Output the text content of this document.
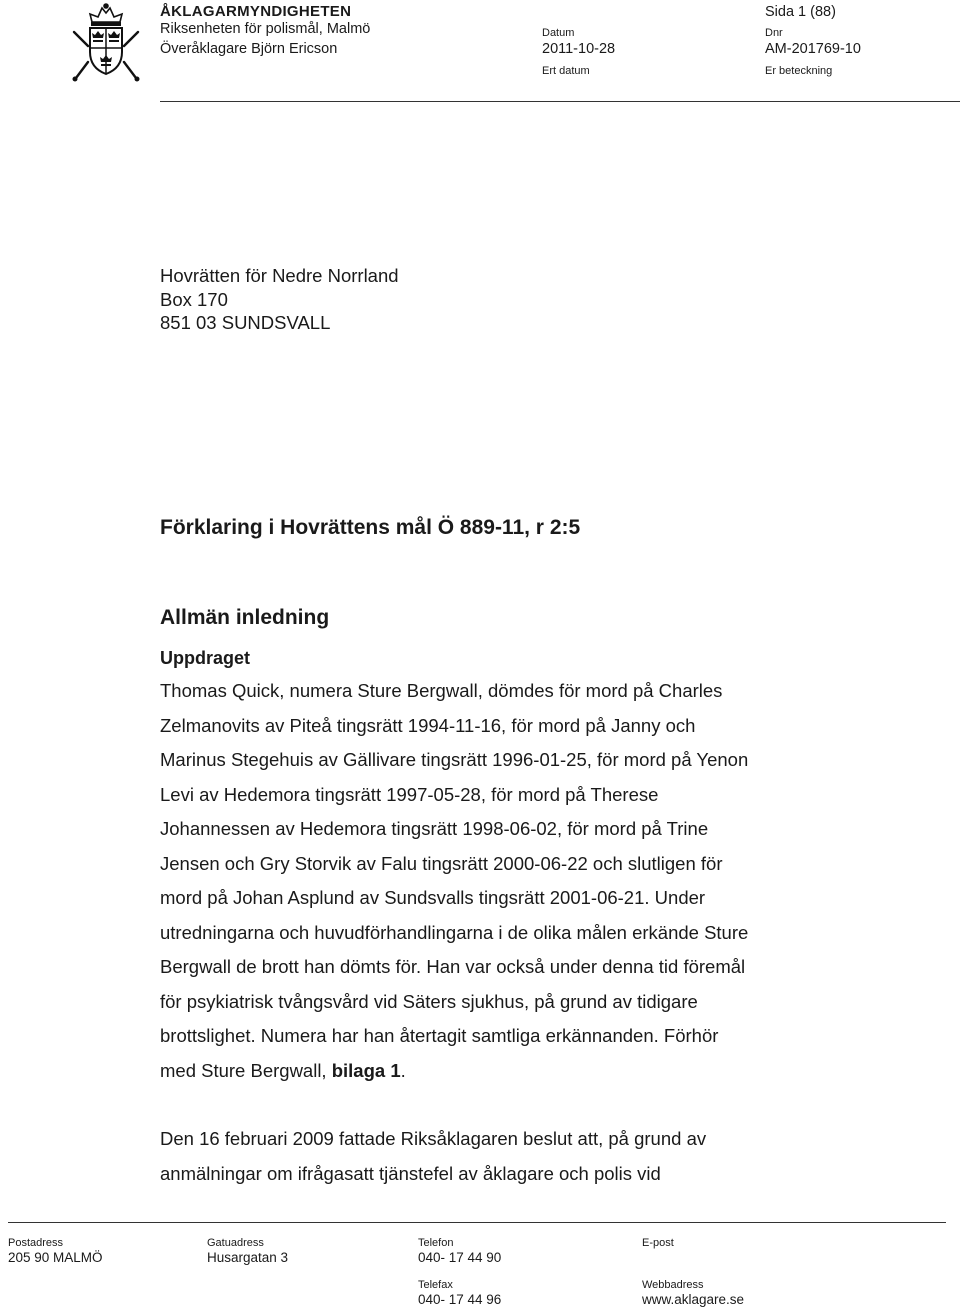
ÅKLAGARMYNDIGHETEN
Riksenheten för polismål, Malmö
Överåklagare Björn Ericson
Sida 1 (88)
Datum
2011-10-28
Ert datum
Dnr
AM-201769-10
Er beteckning
Hovrätten för Nedre Norrland
Box 170
851 03 SUNDSVALL
Förklaring i Hovrättens mål Ö 889-11, r 2:5
Allmän inledning
Uppdraget
Thomas Quick, numera Sture Bergwall, dömdes för mord på Charles
Zelmanovits av Piteå tingsrätt 1994-11-16, för mord på Janny och
Marinus Stegehuis av Gällivare tingsrätt 1996-01-25, för mord på Yenon
Levi av Hedemora tingsrätt 1997-05-28, för mord på Therese
Johannessen av Hedemora tingsrätt 1998-06-02, för mord på Trine
Jensen och Gry Storvik av Falu tingsrätt 2000-06-22 och slutligen för
mord på Johan Asplund av Sundsvalls tingsrätt 2001-06-21. Under
utredningarna och huvudförhandlingarna i de olika målen erkände Sture
Bergwall de brott han dömts för. Han var också under denna tid föremål
för psykiatrisk tvångsvård vid Säters sjukhus, på grund av tidigare
brottslighet. Numera har han återtagit samtliga erkännanden. Förhör
med Sture Bergwall, bilaga 1.
Den 16 februari 2009 fattade Riksåklagaren beslut att, på grund av
anmälningar om ifrågasatt tjänstefel av åklagare och polis vid
Postadress
205 90 MALMÖ
Gatuadress
Husargatan 3
Telefon
040- 17 44 90
E-post
Telefax
040- 17 44 96
Webbadress
www.aklagare.se
